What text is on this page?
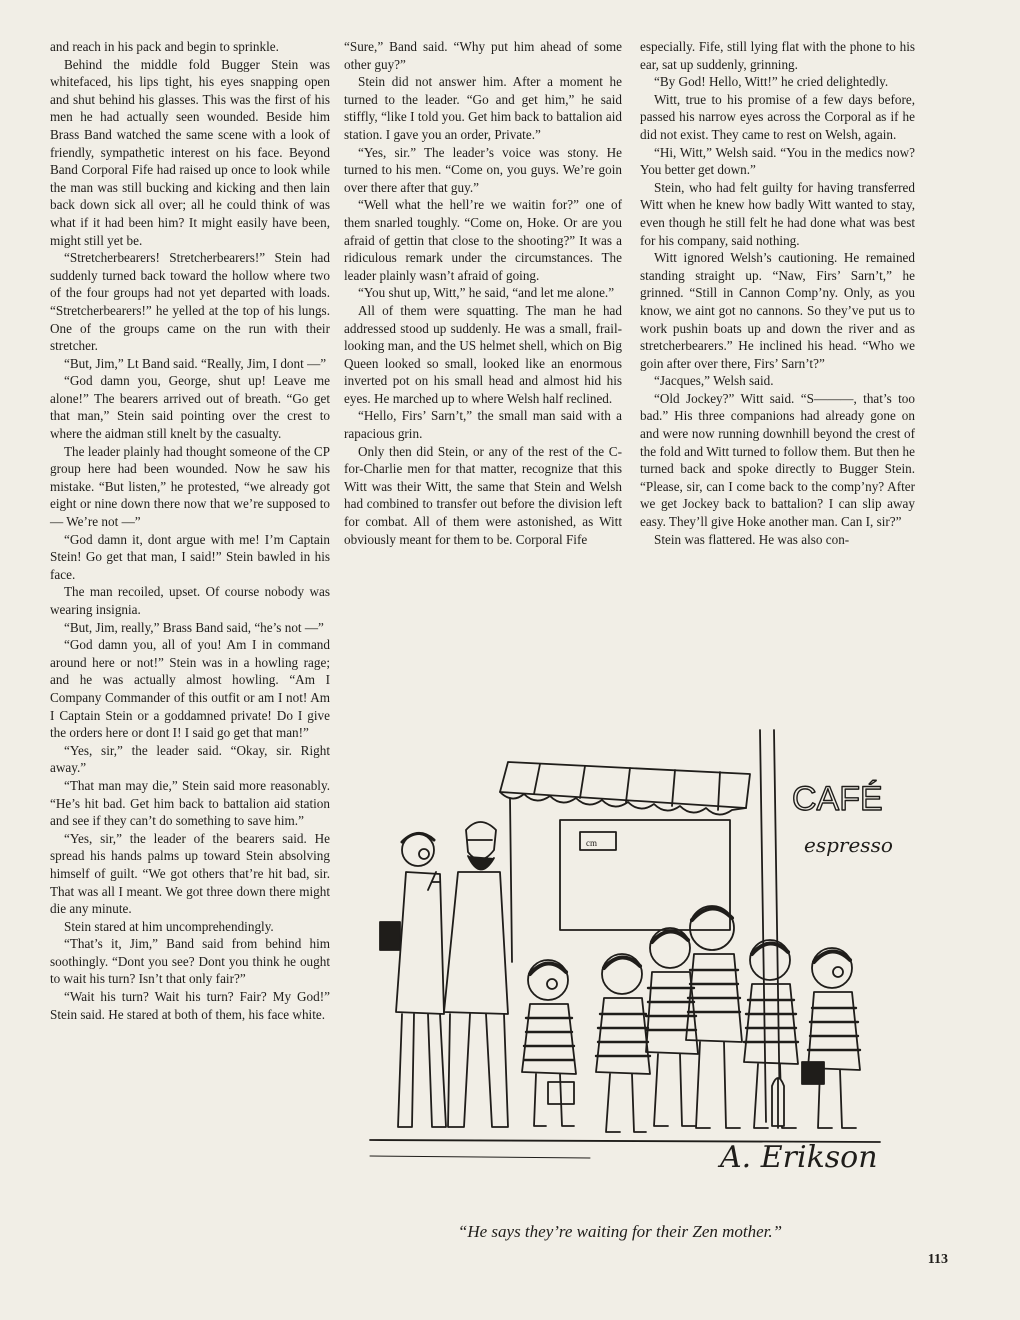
and reach in his pack and begin to sprinkle.

Behind the middle fold Bugger Stein was whitefaced, his lips tight, his eyes snapping open and shut behind his glasses. This was the first of his men he had actually seen wounded. Beside him Brass Band watched the same scene with a look of friendly, sympathetic interest on his face. Beyond Band Corporal Fife had raised up once to look while the man was still bucking and kicking and then lain back down sick all over; all he could think of was what if it had been him? It might easily have been, might still yet be.

“Stretcherbearers! Stretcherbearers!” Stein had suddenly turned back toward the hollow where two of the four groups had not yet departed with loads. “Stretcherbearers!” he yelled at the top of his lungs. One of the groups came on the run with their stretcher.

“But, Jim,” Lt Band said. “Really, Jim, I dont —”

“God damn you, George, shut up! Leave me alone!” The bearers arrived out of breath. “Go get that man,” Stein said pointing over the crest to where the aidman still knelt by the casualty.

The leader plainly had thought someone of the CP group here had been wounded. Now he saw his mistake. “But listen,” he protested, “we already got eight or nine down there now that we’re supposed to — We’re not —”

“God damn it, dont argue with me! I’m Captain Stein! Go get that man, I said!” Stein bawled in his face.

The man recoiled, upset. Of course nobody was wearing insignia.

“But, Jim, really,” Brass Band said, “he’s not —”

“God damn you, all of you! Am I in command around here or not!” Stein was in a howling rage; and he was actually almost howling. “Am I Company Commander of this outfit or am I not! Am I Captain Stein or a goddamned private! Do I give the orders here or dont I! I said go get that man!”

“Yes, sir,” the leader said. “Okay, sir. Right away.”

“That man may die,” Stein said more reasonably. “He’s hit bad. Get him back to battalion aid station and see if they can’t do something to save him.”

“Yes, sir,” the leader of the bearers said. He spread his hands palms up toward Stein absolving himself of guilt. “We got others that’re hit bad, sir. That was all I meant. We got three down there might die any minute.

Stein stared at him uncomprehendingly.

“That’s it, Jim,” Band said from behind him soothingly. “Dont you see? Dont you think he ought to wait his turn? Isn’t that only fair?”

“Wait his turn? Wait his turn? Fair? My God!” Stein said. He stared at both of them, his face white.

“Sure,” Band said. “Why put him ahead of some other guy?”

Stein did not answer him. After a moment he turned to the leader. “Go and get him,” he said stiffly, “like I told you. Get him back to battalion aid station. I gave you an order, Private.”

“Yes, sir.” The leader’s voice was stony. He turned to his men. “Come on, you guys. We’re goin over there after that guy.”

“Well what the hell’re we waitin for?” one of them snarled toughly. “Come on, Hoke. Or are you afraid of gettin that close to the shooting?” It was a ridiculous remark under the circumstances. The leader plainly wasn’t afraid of going.

“You shut up, Witt,” he said, “and let me alone.”

All of them were squatting. The man he had addressed stood up suddenly. He was a small, frail-looking man, and the US helmet shell, which on Big Queen looked so small, looked like an enormous inverted pot on his small head and almost hid his eyes. He marched up to where Welsh half reclined.

“Hello, Firs’ Sarn’t,” the small man said with a rapacious grin.

Only then did Stein, or any of the rest of the C-for-Charlie men for that matter, recognize that this Witt was their Witt, the same that Stein and Welsh had combined to transfer out before the division left for combat. All of them were astonished, as Witt obviously meant for them to be. Corporal Fife

especially. Fife, still lying flat with the phone to his ear, sat up suddenly, grinning.

“By God! Hello, Witt!” he cried delightedly.

Witt, true to his promise of a few days before, passed his narrow eyes across the Corporal as if he did not exist. They came to rest on Welsh, again.

“Hi, Witt,” Welsh said. “You in the medics now? You better get down.”

Stein, who had felt guilty for having transferred Witt when he knew how badly Witt wanted to stay, even though he still felt he had done what was best for his company, said nothing.

Witt ignored Welsh’s cautioning. He remained standing straight up. “Naw, Firs’ Sarn’t,” he grinned. “Still in Cannon Comp’ny. Only, as you know, we aint got no cannons. So they’ve put us to work pushin boats up and down the river and as stretcherbearers.” He inclined his head. “Who we goin after over there, Firs’ Sarn’t?”

“Jacques,” Welsh said.

“Old Jockey?” Witt said. “S———, that’s too bad.” His three companions had already gone on and were now running downhill beyond the crest of the fold and Witt turned to follow them. But then he turned back and spoke directly to Bugger Stein. “Please, sir, can I come back to the comp’ny? After we get Jockey back to battalion? I can slip away easy. They’ll give Hoke another man. Can I, sir?”

Stein was flattered. He was also con-

cm
CAFÉ
espresso
A. Erikson
“He says they’re waiting for their Zen mother.”
113
